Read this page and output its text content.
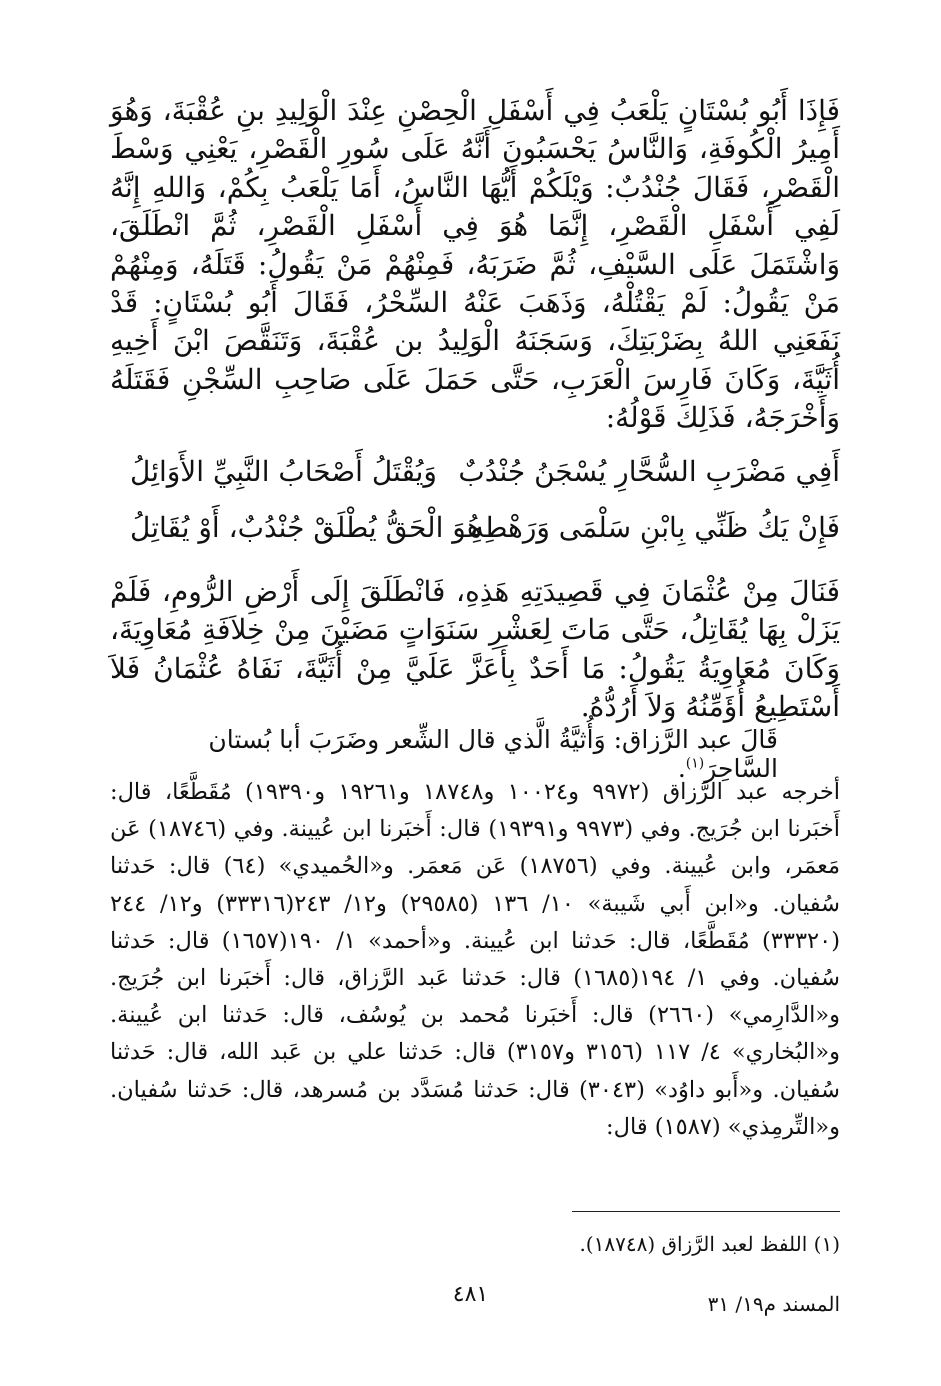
فَإِذَا أَبُو بُسْتَانٍ يَلْعَبُ فِي أَسْفَلِ الْحِصْنِ عِنْدَ الْوَلِيدِ بنِ عُقْبَةَ، وَهُوَ أَمِيرُ الْكُوفَةِ، وَالنَّاسُ يَحْسَبُونَ أَنَّهُ عَلَى سُورِ الْقَصْرِ، يَعْنِي وَسْطَ الْقَصْرِ، فَقَالَ جُنْدُبٌ: وَيْلَكُمْ أَيُّهَا النَّاسُ، أَمَا يَلْعَبُ بِكُمْ، وَاللهِ إِنَّهُ لَفِي أَسْفَلِ الْقَصْرِ، إِنَّمَا هُوَ فِي أَسْفَلِ الْقَصْرِ، ثُمَّ انْطَلَقَ، وَاشْتَمَلَ عَلَى السَّيْفِ، ثُمَّ ضَرَبَهُ، فَمِنْهُمْ مَنْ يَقُولُ: قَتَلَهُ، وَمِنْهُمْ مَنْ يَقُولُ: لَمْ يَقْتُلْهُ، وَذَهَبَ عَنْهُ السِّحْرُ، فَقَالَ أَبُو بُسْتَانٍ: قَدْ نَفَعَنِي اللهُ بِضَرْبَتِكَ، وَسَجَنَهُ الْوَلِيدُ بن عُقْبَةَ، وَتَنَقَّصَ ابْنَ أَخِيهِ أُثَيَّةَ، وَكَانَ فَارِسَ الْعَرَبِ، حَتَّى حَمَلَ عَلَى صَاحِبِ السِّجْنِ فَقَتَلَهُ وَأَخْرَجَهُ، فَذَلِكَ قَوْلُهُ:

أَفِي مَضْرَبِ السُّحَّارِ يُسْجَنُ جُنْدُبٌ
وَيُقْتَلُ أَصْحَابُ النَّبِيِّ الأَوَائِلُ
فَإِنْ يَكُ ظَنِّي بِابْنِ سَلْمَى وَرَهْطِهِ
هُوَ الْحَقُّ يُطْلَقْ جُنْدُبٌ، أَوْ يُقَاتِلُ

فَنَالَ مِنْ عُثْمَانَ فِي قَصِيدَتِهِ هَذِهِ، فَانْطَلَقَ إِلَى أَرْضِ الرُّومِ، فَلَمْ يَزَلْ بِهَا يُقَاتِلُ، حَتَّى مَاتَ لِعَشْرِ سَنَوَاتٍ مَضَيْنَ مِنْ خِلاَفَةِ مُعَاوِيَةَ، وَكَانَ مُعَاوِيَةُ يَقُولُ: مَا أَحَدٌ بِأَعَزَّ عَلَيَّ مِنْ أُثَيَّةَ، نَفَاهُ عُثْمَانُ فَلاَ أَسْتَطِيعُ أُؤَمِّنُهُ وَلاَ أَرُدُّهُ.

قَالَ عبد الرَّزاق: وَأُثيَّةُ الَّذي قال الشِّعر وضَرَبَ أبا بُستان السَّاحِرَ$^{(١)}$.
أخرجه عبد الرَّزاق (٩٩٧٢ و١٠٠٢٤ و١٨٧٤٨ و١٩٢٦١ و١٩٣٩٠) مُقَطَّعًا، قال: أَخبَرنا ابن جُرَيج. وفي (٩٩٧٣ و١٩٣٩١) قال: أَخبَرنا ابن عُيينة. وفي (١٨٧٤٦) عَن مَعمَر، وابن عُيينة. وفي (١٨٧٥٦) عَن مَعمَر. و«الحُميدي» (٦٤) قال: حَدثنا سُفيان. و«ابن أَبي شَيبة» ١٠/ ١٣٦ (٢٩٥٨٥) و١٢/ ٢٤٣(٣٣٣١٦) و١٢/ ٢٤٤ (٣٣٣٢٠) مُقَطَّعًا، قال: حَدثنا ابن عُيينة. و«أحمد» ١/ ١٩٠(١٦٥٧) قال: حَدثنا سُفيان. وفي ١/ ١٩٤(١٦٨٥) قال: حَدثنا عَبد الرَّزاق، قال: أَخبَرنا ابن جُرَيج. و«الدَّارِمي» (٢٦٦٠) قال: أَخبَرنا مُحمد بن يُوسُف، قال: حَدثنا ابن عُيينة. و«البُخاري» ٤/ ١١٧ (٣١٥٦ و٣١٥٧) قال: حَدثنا علي بن عَبد الله، قال: حَدثنا سُفيان. و«أَبو داوُد» (٣٠٤٣) قال: حَدثنا مُسَدَّد بن مُسرهد، قال: حَدثنا سُفيان. و«التِّرمِذي» (١٥٨٧) قال:
(١) اللفظ لعبد الرَّزاق (١٨٧٤٨).
٤٨١	المسند م١٩/ ٣١
